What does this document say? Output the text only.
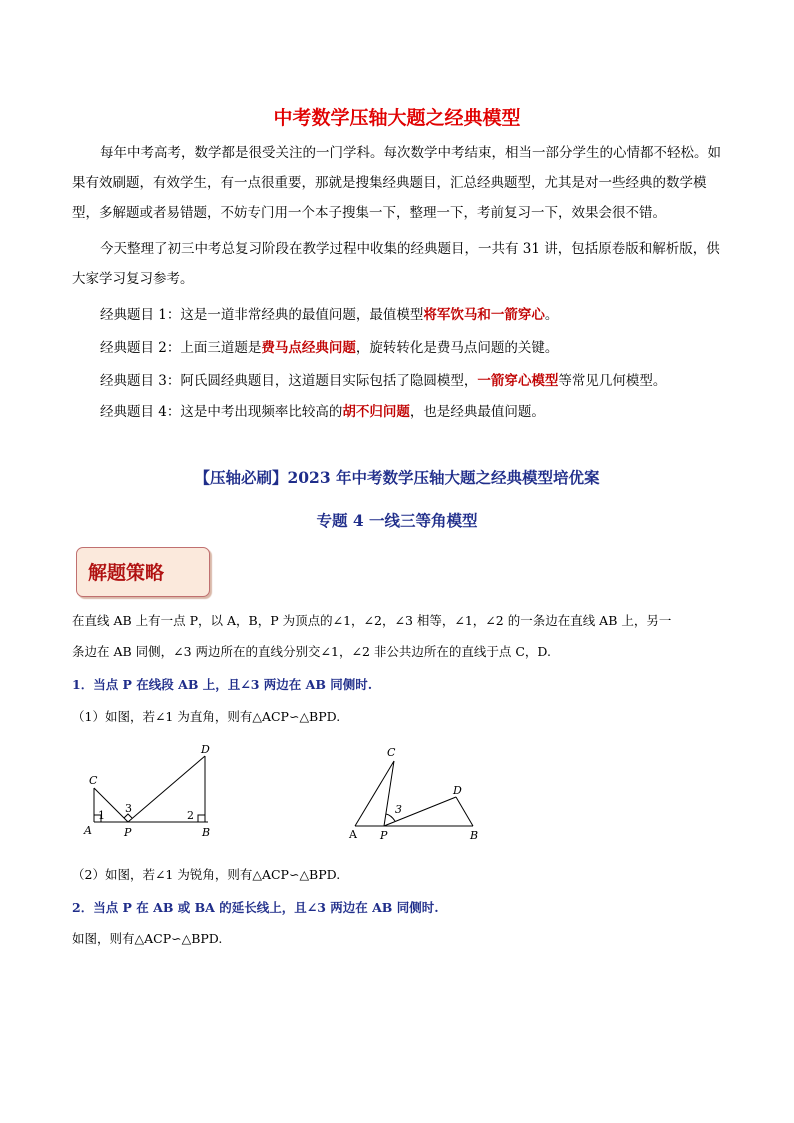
中考数学压轴大题之经典模型
每年中考高考，数学都是很受关注的一门学科。每次数学中考结束，相当一部分学生的心情都不轻松。如果有效刷题，有效学生，有一点很重要，那就是搜集经典题目，汇总经典题型，尤其是对一些经典的数学模型，多解题或者易错题，不妨专门用一个本子搜集一下，整理一下，考前复习一下，效果会很不错。
今天整理了初三中考总复习阶段在教学过程中收集的经典题目，一共有 31 讲，包括原卷版和解析版，供大家学习复习参考。
经典题目 1：这是一道非常经典的最值问题，最值模型将军饮马和一箭穿心。
经典题目 2：上面三道题是费马点经典问题，旋转转化是费马点问题的关键。
经典题目 3：阿氏圆经典题目，这道题目实际包括了隐圆模型，一箭穿心模型等常见几何模型。
经典题目 4：这是中考出现频率比较高的胡不归问题，也是经典最值问题。
【压轴必刷】2023 年中考数学压轴大题之经典模型培优案
专题 4 一线三等角模型
解题策略
在直线 AB 上有一点 P，以 A，B，P 为顶点的∠1，∠2，∠3 相等，∠1，∠2 的一条边在直线 AB 上，另一
条边在 AB 同侧，∠3 两边所在的直线分别交∠1，∠2 非公共边所在的直线于点 C，D.
1．当点 P 在线段 AB 上，且∠3 两边在 AB 同侧时.
（1）如图，若∠1 为直角，则有△ACP∽△BPD.
A	P	B
C
D
1	2
3
A P	B
C
D
3
（2）如图，若∠1 为锐角，则有△ACP∽△BPD.
2．当点 P 在 AB 或 BA 的延长线上，且∠3 两边在 AB 同侧时.
如图，则有△ACP∽△BPD.
